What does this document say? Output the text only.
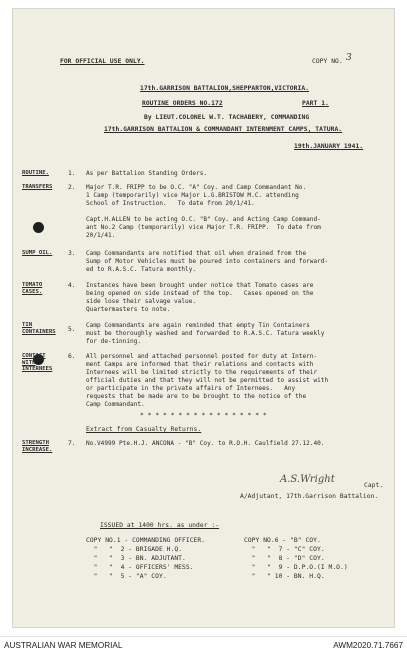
FOR OFFICIAL USE ONLY.	COPY NO. 3
17th.GARRISON BATTALION,SHEPPARTON,VICTORIA.
ROUTINE ORDERS NO.172	PART 1.
By LIEUT.COLONEL W.T. TACHABERY, COMMANDING
17th.GARRISON BATTALION & COMMANDANT INTERNMENT CAMPS, TATURA.
19th.JANUARY 1941.
ROUTINE.	1. As per Battalion Standing Orders.
TRANSFERS 2. Major T.R. FRIPP to be O.C. "A" Coy. and Camp Commandant No.
1 Camp (temporarily) vice Major L.G.BRISTOW M.C. attending
School of Instruction.   To date from 20/1/41.
Capt.H.ALLEN to be acting O.C. "B" Coy. and Acting Camp Command-
ant No.2 Camp (temporarily) vice Major T.R. FRIPP.  To date from
20/1/41.
SUMP OIL. 3. Camp Commandants are notified that oil when drained from the
Sump of Motor Vehicles must be poured into containers and forward-
ed to R.A.S.C. Tatura monthly.
TOMATO
CASES.
4. Instances have been brought under notice that Tomato cases are
being opened on side instead of the top.   Cases opened on the
side lose their salvage value.
Quartermasters to note.
TIN
CONTAINERS 5.
Camp Commandants are again reminded that empty Tin Containers
must be thoroughly washed and forwarded to R.A.S.C. Tatura weekly
for de-tinning.
CONTACT
WITH
INTERNEES
6. All personnel and attached personnel posted for duty at Intern-
ment Camps are informed that their relations and contacts with
Internees will be limited strictly to the requirements of their
official duties and that they will not be permitted to assist with
or participate in the private affairs of Internees.   Any
requests that be made are to be brought to the notice of the
Camp Commandant.
* * * * * * * * * * * * * * * * *
Extract from Casualty Returns.
STRENGTH
INCREASE.
7. No.V4999 Pte.H.J. ANCONA - "B" Coy. to R.O.H. Caulfield 27.12.40.
A.S.Wright
Capt.
A/Adjutant, 17th.Garrison Battalion.
ISSUED at 1400 hrs. as under :-
COPY NO.1 - COMMANDING OFFICER.
"   "  2 - BRIGADE H.Q.
"   "  3 - BN. ADJUTANT.
"   "  4 - OFFICERS' MESS.
"   "  5 - "A" COY.
COPY NO.6 - "B" COY.
"   "  7 - "C" COY.
"   "  8 - "D" COY.
"   "  9 - D.P.O.(I M.O.)
"   " 10 - BN. H.Q.
AUSTRALIAN WAR MEMORIAL	AWM2020.71.7667
